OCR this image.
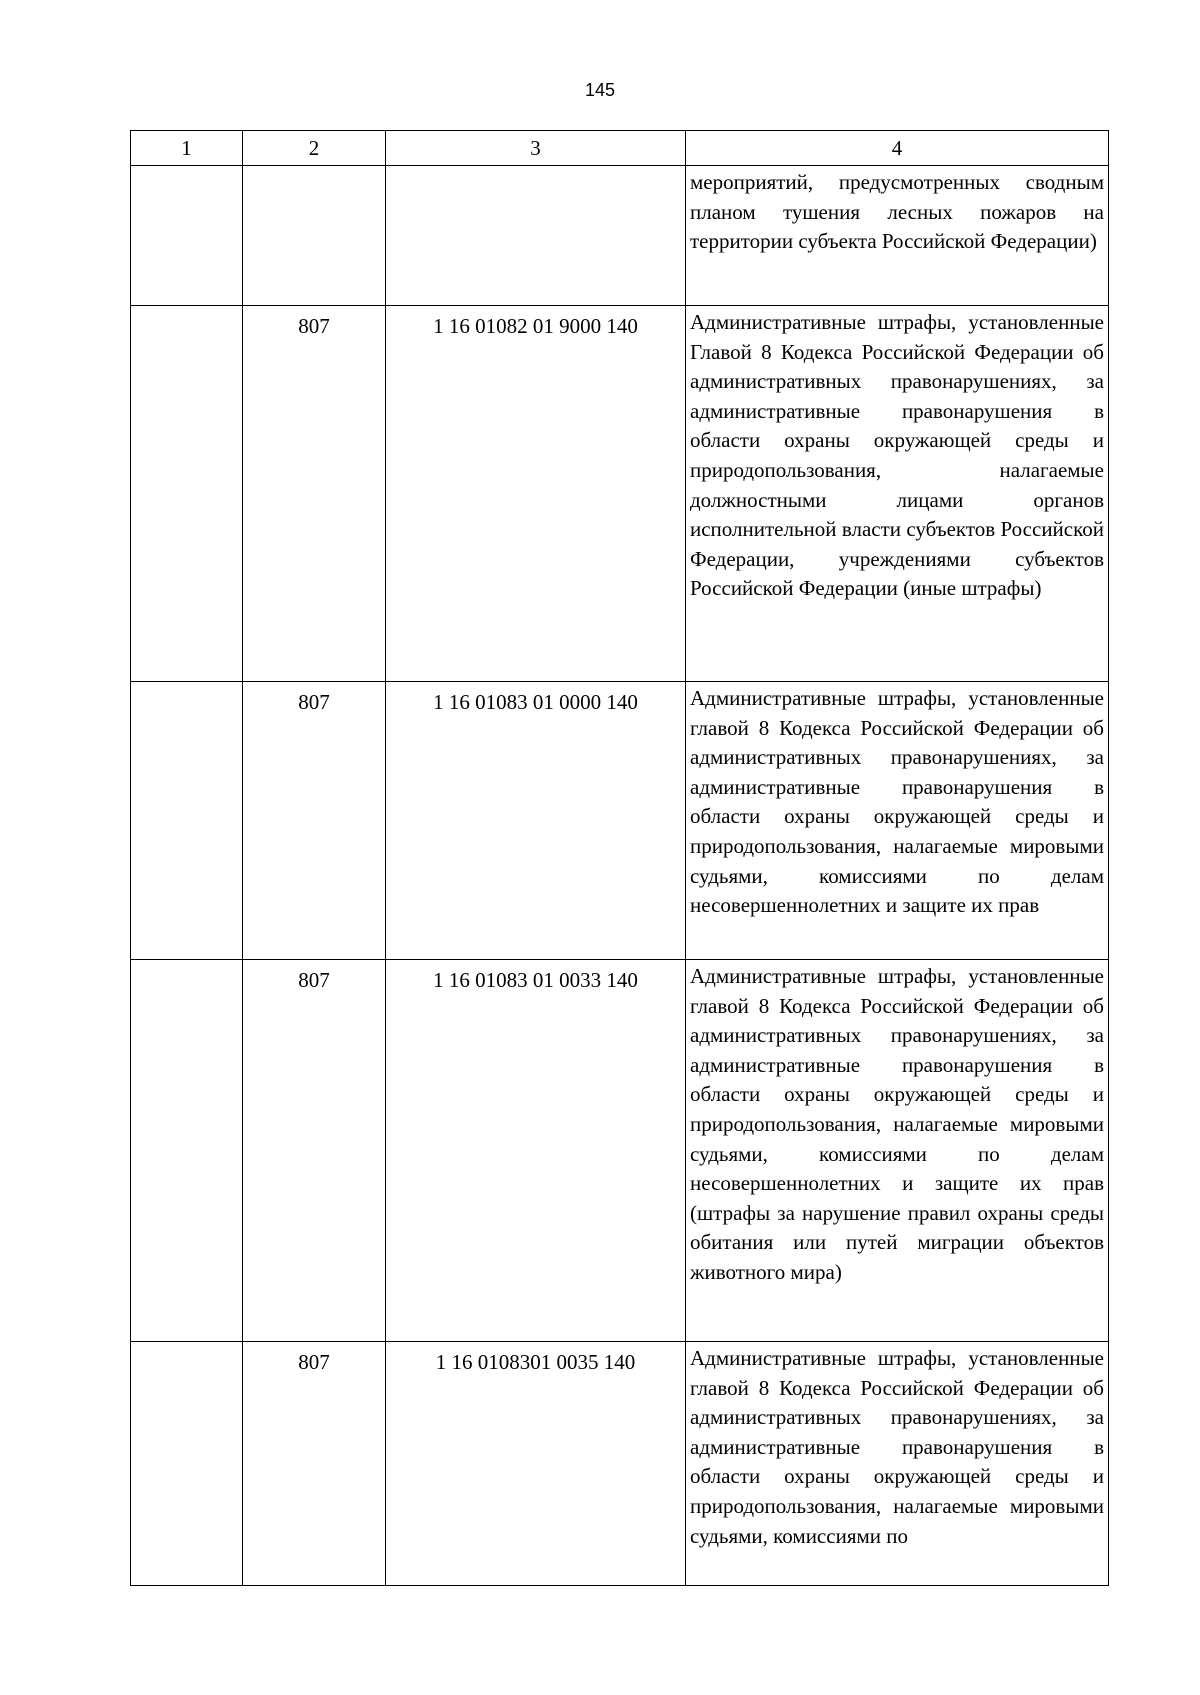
145
1	2	3	4
			мероприятий, предусмотренных сводным планом тушения лесных пожаров на территории субъекта Российской Федерации)
	807	1 16 01082 01 9000 140	Административные штрафы, установленные Главой 8 Кодекса Российской Федерации об административных правонарушениях, за административные правонарушения в области охраны окружающей среды и природопользования, налагаемые должностными лицами органов исполнительной власти субъектов Российской Федерации, учреждениями субъектов Российской Федерации (иные штрафы)
	807	1 16 01083 01 0000 140	Административные штрафы, установленные главой 8 Кодекса Российской Федерации об административных правонарушениях, за административные правонарушения в области охраны окружающей среды и природопользования, налагаемые мировыми судьями, комиссиями по делам несовершеннолетних и защите их прав
	807	1 16 01083 01 0033 140	Административные штрафы, установленные главой 8 Кодекса Российской Федерации об административных правонарушениях, за административные правонарушения в области охраны окружающей среды и природопользования, налагаемые мировыми судьями, комиссиями по делам несовершеннолетних и защите их прав (штрафы за нарушение правил охраны среды обитания или путей миграции объектов животного мира)
	807	1 16 0108301 0035 140	Административные штрафы, установленные главой 8 Кодекса Российской Федерации об административных правонарушениях, за административные правонарушения в области охраны окружающей среды и природопользования, налагаемые мировыми судьями, комиссиями по
